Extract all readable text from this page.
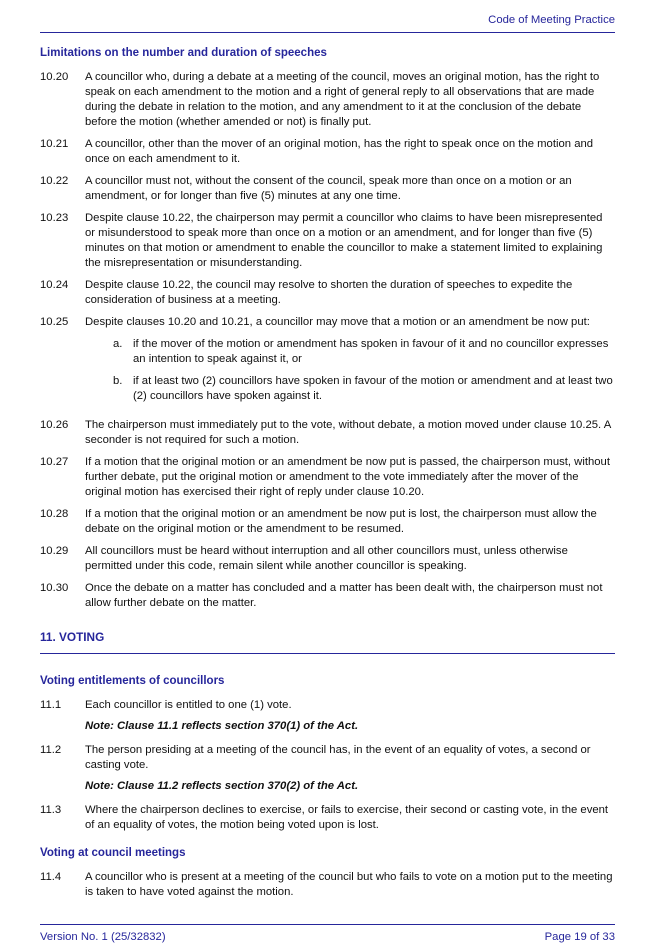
Code of Meeting Practice
Limitations on the number and duration of speeches
10.20	A councillor who, during a debate at a meeting of the council, moves an original motion, has the right to speak on each amendment to the motion and a right of general reply to all observations that are made during the debate in relation to the motion, and any amendment to it at the conclusion of the debate before the motion (whether amended or not) is finally put.
10.21	A councillor, other than the mover of an original motion, has the right to speak once on the motion and once on each amendment to it.
10.22	A councillor must not, without the consent of the council, speak more than once on a motion or an amendment, or for longer than five (5) minutes at any one time.
10.23	Despite clause 10.22, the chairperson may permit a councillor who claims to have been misrepresented or misunderstood to speak more than once on a motion or an amendment, and for longer than five (5) minutes on that motion or amendment to enable the councillor to make a statement limited to explaining the misrepresentation or misunderstanding.
10.24	Despite clause 10.22, the council may resolve to shorten the duration of speeches to expedite the consideration of business at a meeting.
10.25	Despite clauses 10.20 and 10.21, a councillor may move that a motion or an amendment be now put:
a. if the mover of the motion or amendment has spoken in favour of it and no councillor expresses an intention to speak against it, or
b. if at least two (2) councillors have spoken in favour of the motion or amendment and at least two (2) councillors have spoken against it.
10.26	The chairperson must immediately put to the vote, without debate, a motion moved under clause 10.25. A seconder is not required for such a motion.
10.27	If a motion that the original motion or an amendment be now put is passed, the chairperson must, without further debate, put the original motion or amendment to the vote immediately after the mover of the original motion has exercised their right of reply under clause 10.20.
10.28	If a motion that the original motion or an amendment be now put is lost, the chairperson must allow the debate on the original motion or the amendment to be resumed.
10.29	All councillors must be heard without interruption and all other councillors must, unless otherwise permitted under this code, remain silent while another councillor is speaking.
10.30	Once the debate on a matter has concluded and a matter has been dealt with, the chairperson must not allow further debate on the matter.
11. VOTING
Voting entitlements of councillors
11.1	Each councillor is entitled to one (1) vote.
Note: Clause 11.1 reflects section 370(1) of the Act.
11.2	The person presiding at a meeting of the council has, in the event of an equality of votes, a second or casting vote.
Note: Clause 11.2 reflects section 370(2) of the Act.
11.3	Where the chairperson declines to exercise, or fails to exercise, their second or casting vote, in the event of an equality of votes, the motion being voted upon is lost.
Voting at council meetings
11.4	A councillor who is present at a meeting of the council but who fails to vote on a motion put to the meeting is taken to have voted against the motion.
Version No. 1 (25/32832)	Page 19 of 33
